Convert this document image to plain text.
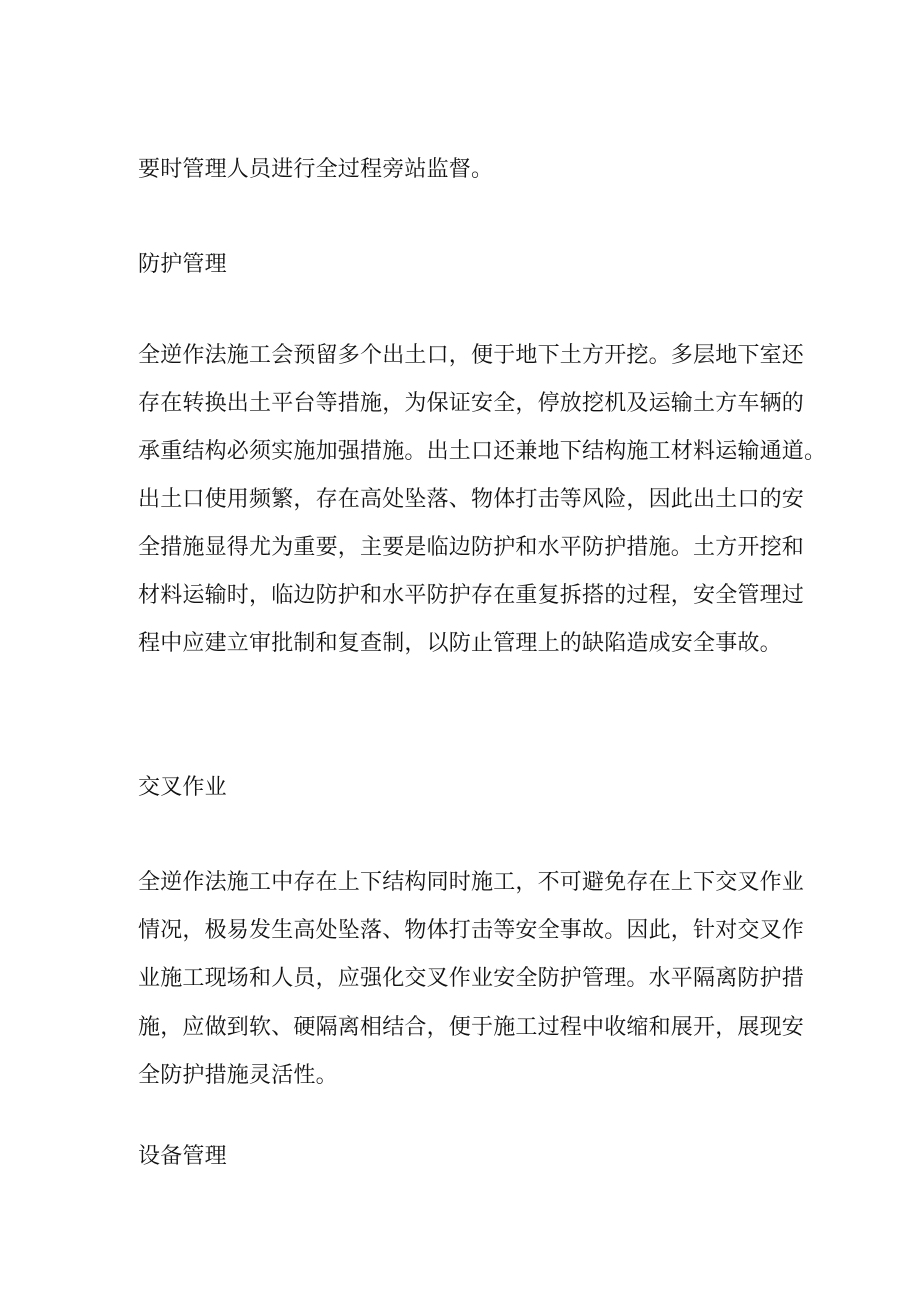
要时管理人员进行全过程旁站监督。

防护管理

全逆作法施工会预留多个出土口，便于地下土方开挖。多层地下室还

存在转换出土平台等措施，为保证安全，停放挖机及运输土方车辆的

承重结构必须实施加强措施。出土口还兼地下结构施工材料运输通道。

出土口使用频繁，存在高处坠落、物体打击等风险，因此出土口的安

全措施显得尤为重要，主要是临边防护和水平防护措施。土方开挖和

材料运输时，临边防护和水平防护存在重复拆搭的过程，安全管理过

程中应建立审批制和复查制，以防止管理上的缺陷造成安全事故。

交叉作业

全逆作法施工中存在上下结构同时施工，不可避免存在上下交叉作业

情况，极易发生高处坠落、物体打击等安全事故。因此，针对交叉作

业施工现场和人员，应强化交叉作业安全防护管理。水平隔离防护措

施，应做到软、硬隔离相结合，便于施工过程中收缩和展开，展现安

全防护措施灵活性。

设备管理
